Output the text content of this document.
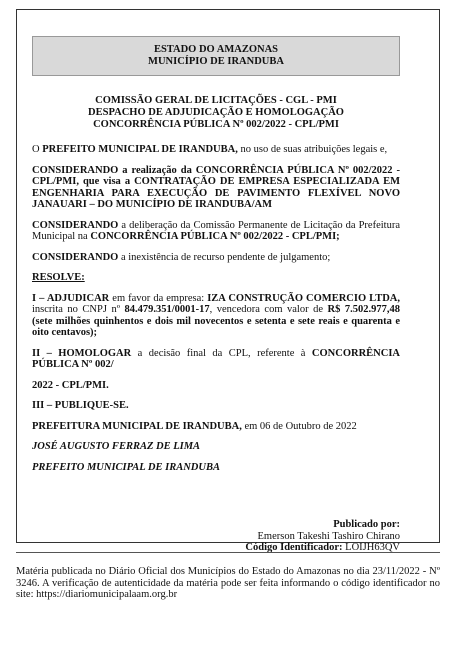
ESTADO DO AMAZONAS
MUNICÍPIO DE IRANDUBA
COMISSÃO GERAL DE LICITAÇÕES - CGL - PMI
DESPACHO DE ADJUDICAÇÃO E HOMOLOGAÇÃO
CONCORRÊNCIA PÚBLICA Nº 002/2022 - CPL/PMI

O PREFEITO MUNICIPAL DE IRANDUBA, no uso de suas atribuições legais e,

CONSIDERANDO a realização da CONCORRÊNCIA PÚBLICA Nº 002/2022 - CPL/PMI, que visa a CONTRATAÇÃO DE EMPRESA ESPECIALIZADA EM ENGENHARIA PARA EXECUÇÃO DE PAVIMENTO FLEXÍVEL NOVO JANAUARI – DO MUNICÍPIO DE IRANDUBA/AM

CONSIDERANDO a deliberação da Comissão Permanente de Licitação da Prefeitura Municipal na CONCORRÊNCIA PÚBLICA Nº 002/2022 - CPL/PMI;

CONSIDERANDO a inexistência de recurso pendente de julgamento;

RESOLVE:

I – ADJUDICAR em favor da empresa: IZA CONSTRUÇÃO COMERCIO LTDA, inscrita no CNPJ nº 84.479.351/0001-17, vencedora com valor de R$ 7.502.977,48 (sete milhões quinhentos e dois mil novecentos e setenta e sete reais e quarenta e oito centavos);

II – HOMOLOGAR a decisão final da CPL, referente à CONCORRÊNCIA PÚBLICA Nº 002/

2022 - CPL/PMI.

III – PUBLIQUE-SE.

PREFEITURA MUNICIPAL DE IRANDUBA, em 06 de Outubro de 2022

JOSÉ AUGUSTO FERRAZ DE LIMA

PREFEITO MUNICIPAL DE IRANDUBA

Publicado por:
Emerson Takeshi Tashiro Chirano
Código Identificador: LOIJH63QV
Matéria publicada no Diário Oficial dos Municípios do Estado do Amazonas no dia 23/11/2022 - Nº 3246. A verificação de autenticidade da matéria pode ser feita informando o código identificador no site: https://diariomunicipalaam.org.br
